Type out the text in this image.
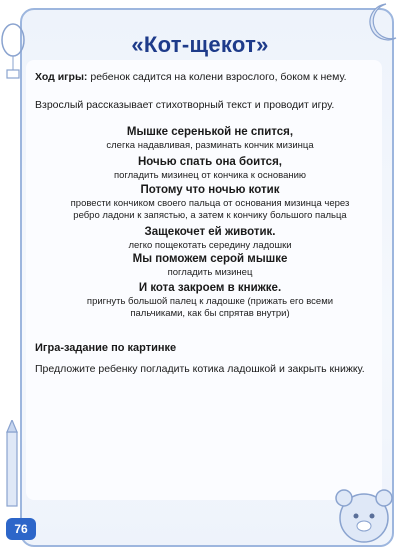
«Кот-щекот»
Ход игры: ребенок садится на колени взрослого, боком к нему.
Взрослый рассказывает стихотворный текст и проводит игру.
Мышке серенькой не спится,
слегка надавливая, разминать кончик мизинца
Ночью спать она боится,
погладить мизинец от кончика к основанию
Потому что ночью котик
провести кончиком своего пальца от основания мизинца через ребро ладони к запястью, а затем к кончику большого пальца
Защекочет ей животик.
легко пощекотать середину ладошки
Мы поможем серой мышке
погладить мизинец
И кота закроем в книжке.
пригнуть большой палец к ладошке (прижать его всеми пальчиками, как бы спрятав внутри)
Игра-задание по картинке
Предложите ребенку погладить котика ладошкой и закрыть книжку.
76
